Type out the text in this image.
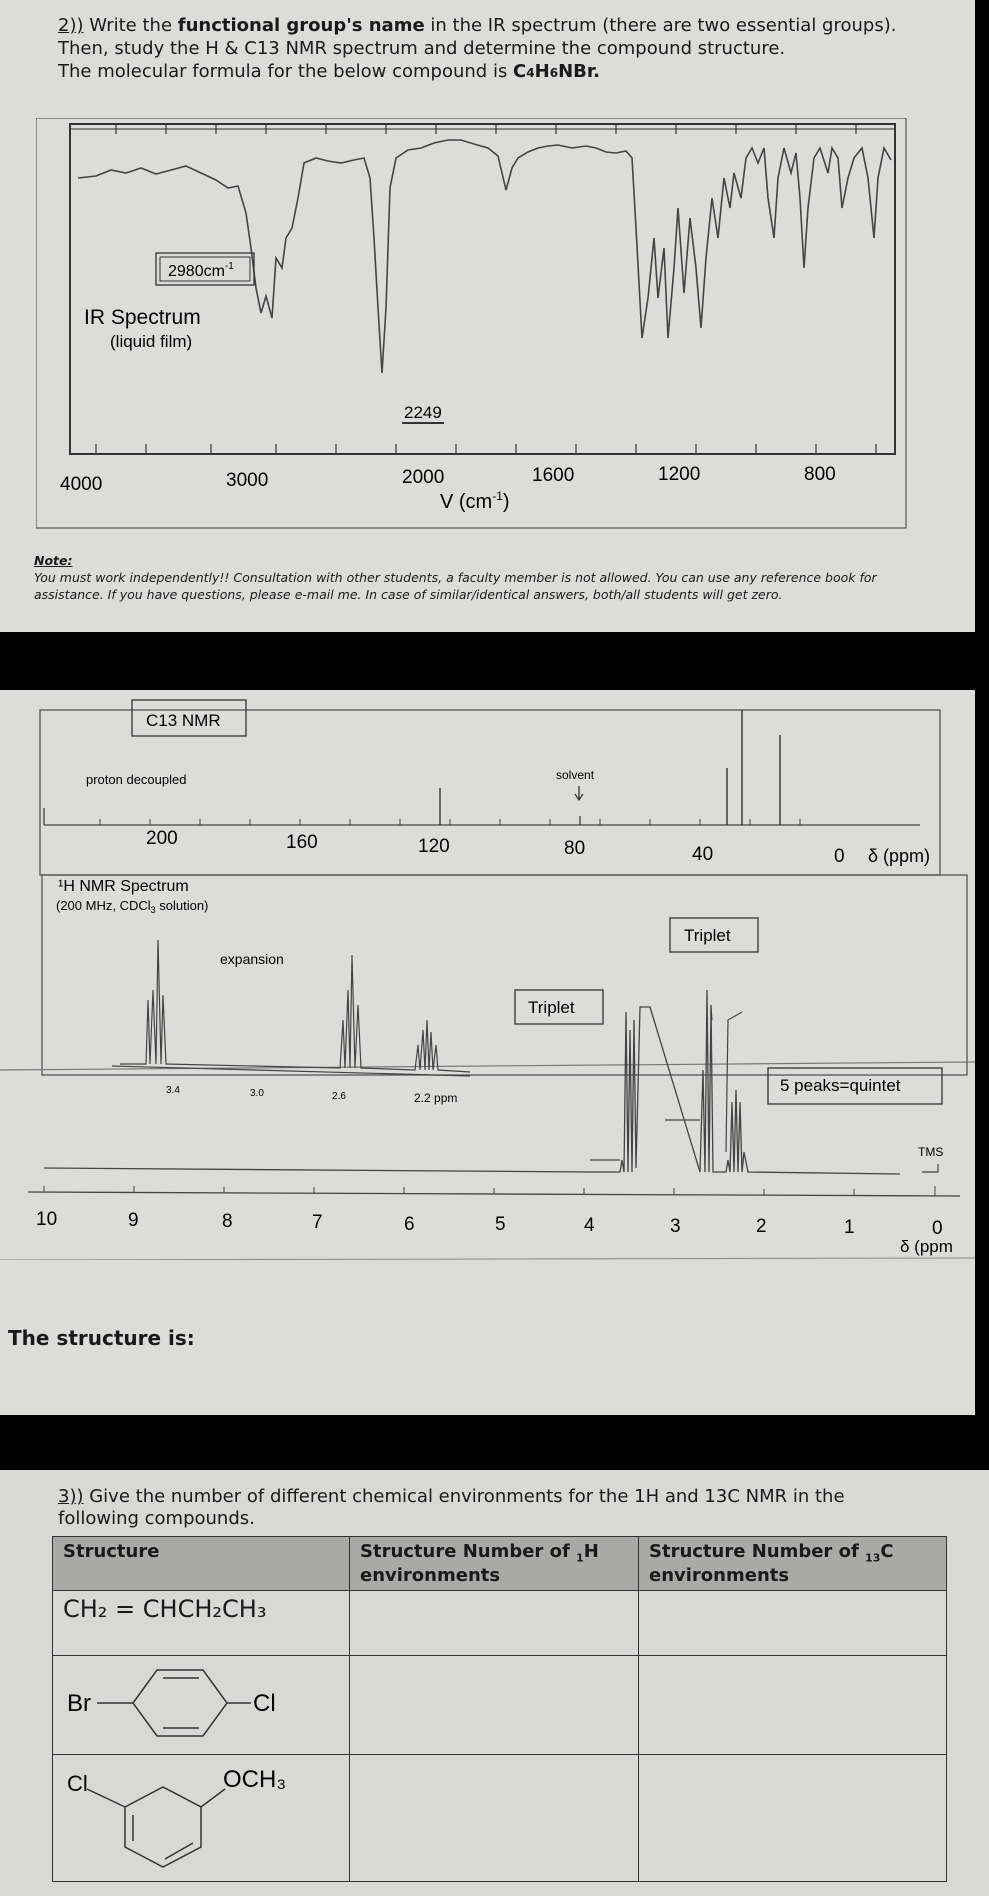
2)) Write the functional group's name in the IR spectrum (there are two essential groups).
Then, study the H & C13 NMR spectrum and determine the compound structure.
The molecular formula for the below compound is C4H6NBr.
$2980cm^{-1}$
IR Spectrum
(liquid film)
2249
4000	3000	2000	1600	1200	800
V $(cm^{-1})$
Note:
You must work independently!! Consultation with other students, a faculty member is not allowed. You can use any reference book for assistance. If you have questions, please e-mail me. In case of similar/identical answers, both/all students will get zero.
C13 NMR
proton decoupled	solvent
200	160	120	80	40	0 δ (ppm)
¹H NMR Spectrum
(200 MHz, CDCl$_3$ solution)
expansion
3.4	3.0	2.6	2.2 ppm
Triplet
Triplet
5 peaks=quintet
TMS
10	9	8	7	6	5	4	3	2	1	0
δ (ppm
The structure is:
3)) Give the number of different chemical environments for the 1H and 13C NMR in the following compounds.
Structure	Structure Number of $_1$H environments	Structure Number of $_{13}$C environments
CH₂ = CHCH₂CH₃		

Br Cl		

Cl OCH₃		
